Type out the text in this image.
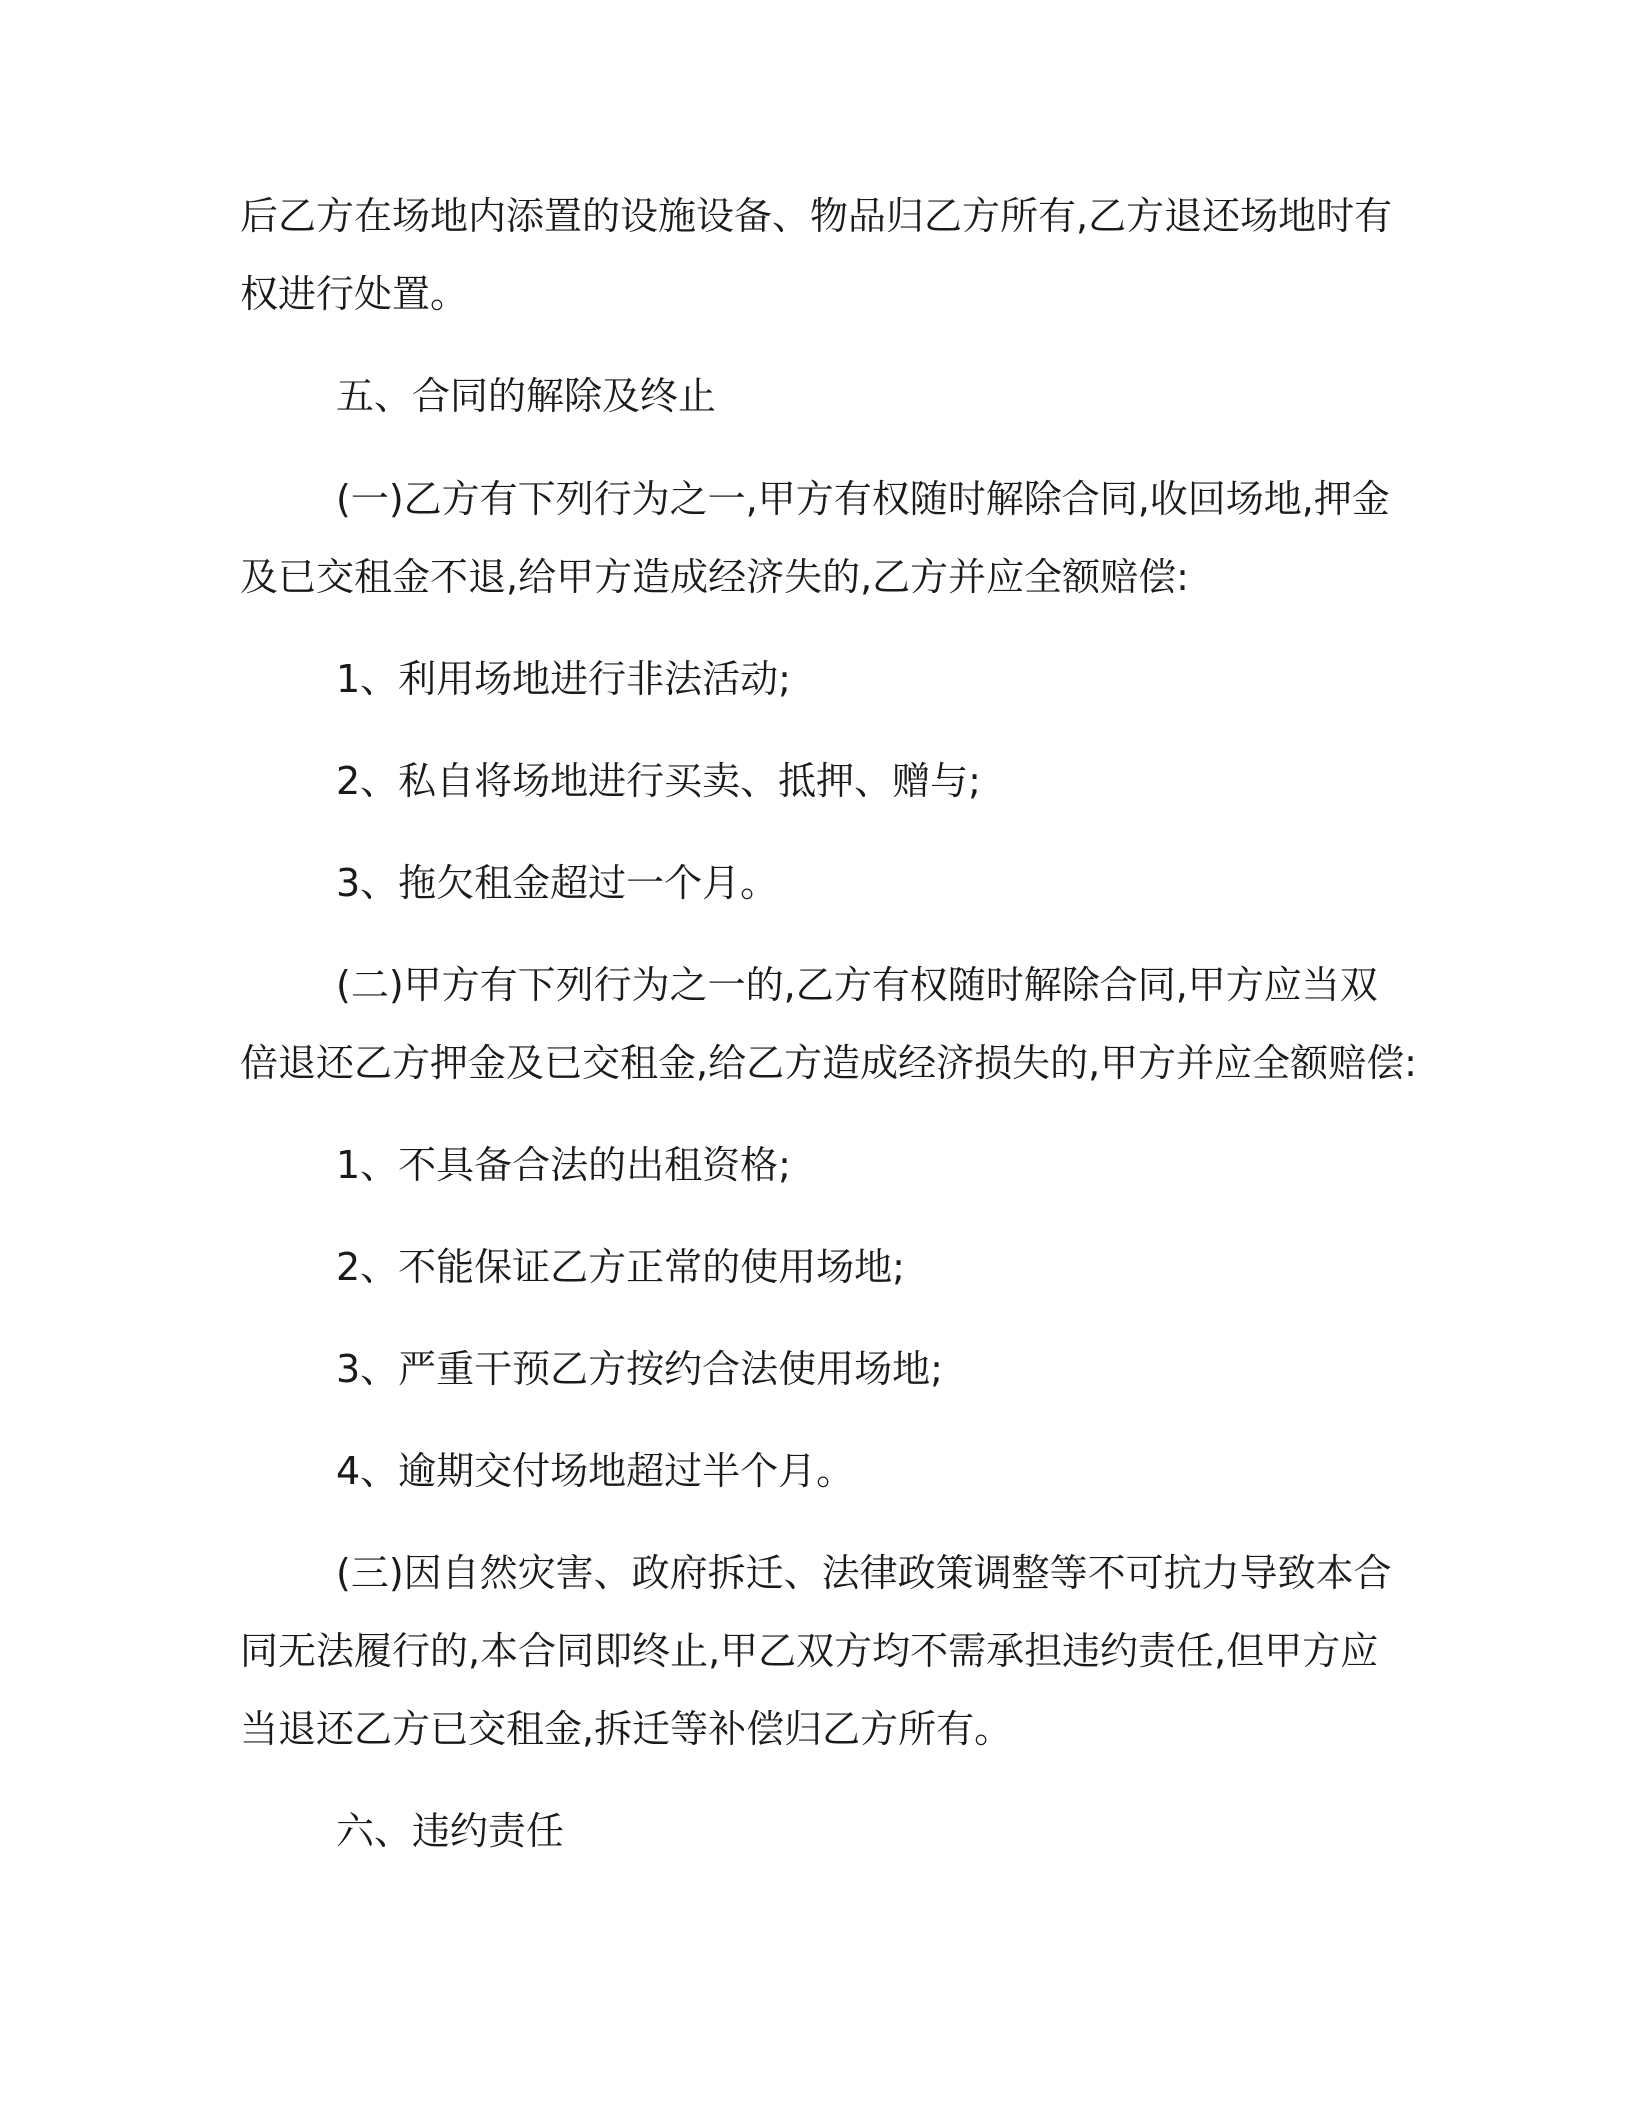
后乙方在场地内添置的设施设备、物品归乙方所有,乙方退还场地时有
权进行处置。
五、合同的解除及终止
(一)乙方有下列行为之一,甲方有权随时解除合同,收回场地,押金
及已交租金不退,给甲方造成经济失的,乙方并应全额赔偿:
1、利用场地进行非法活动;
2、私自将场地进行买卖、抵押、赠与;
3、拖欠租金超过一个月。
(二)甲方有下列行为之一的,乙方有权随时解除合同,甲方应当双
倍退还乙方押金及已交租金,给乙方造成经济损失的,甲方并应全额赔偿:
1、不具备合法的出租资格;
2、不能保证乙方正常的使用场地;
3、严重干预乙方按约合法使用场地;
4、逾期交付场地超过半个月。
(三)因自然灾害、政府拆迁、法律政策调整等不可抗力导致本合
同无法履行的,本合同即终止,甲乙双方均不需承担违约责任,但甲方应
当退还乙方已交租金,拆迁等补偿归乙方所有。
六、违约责任
